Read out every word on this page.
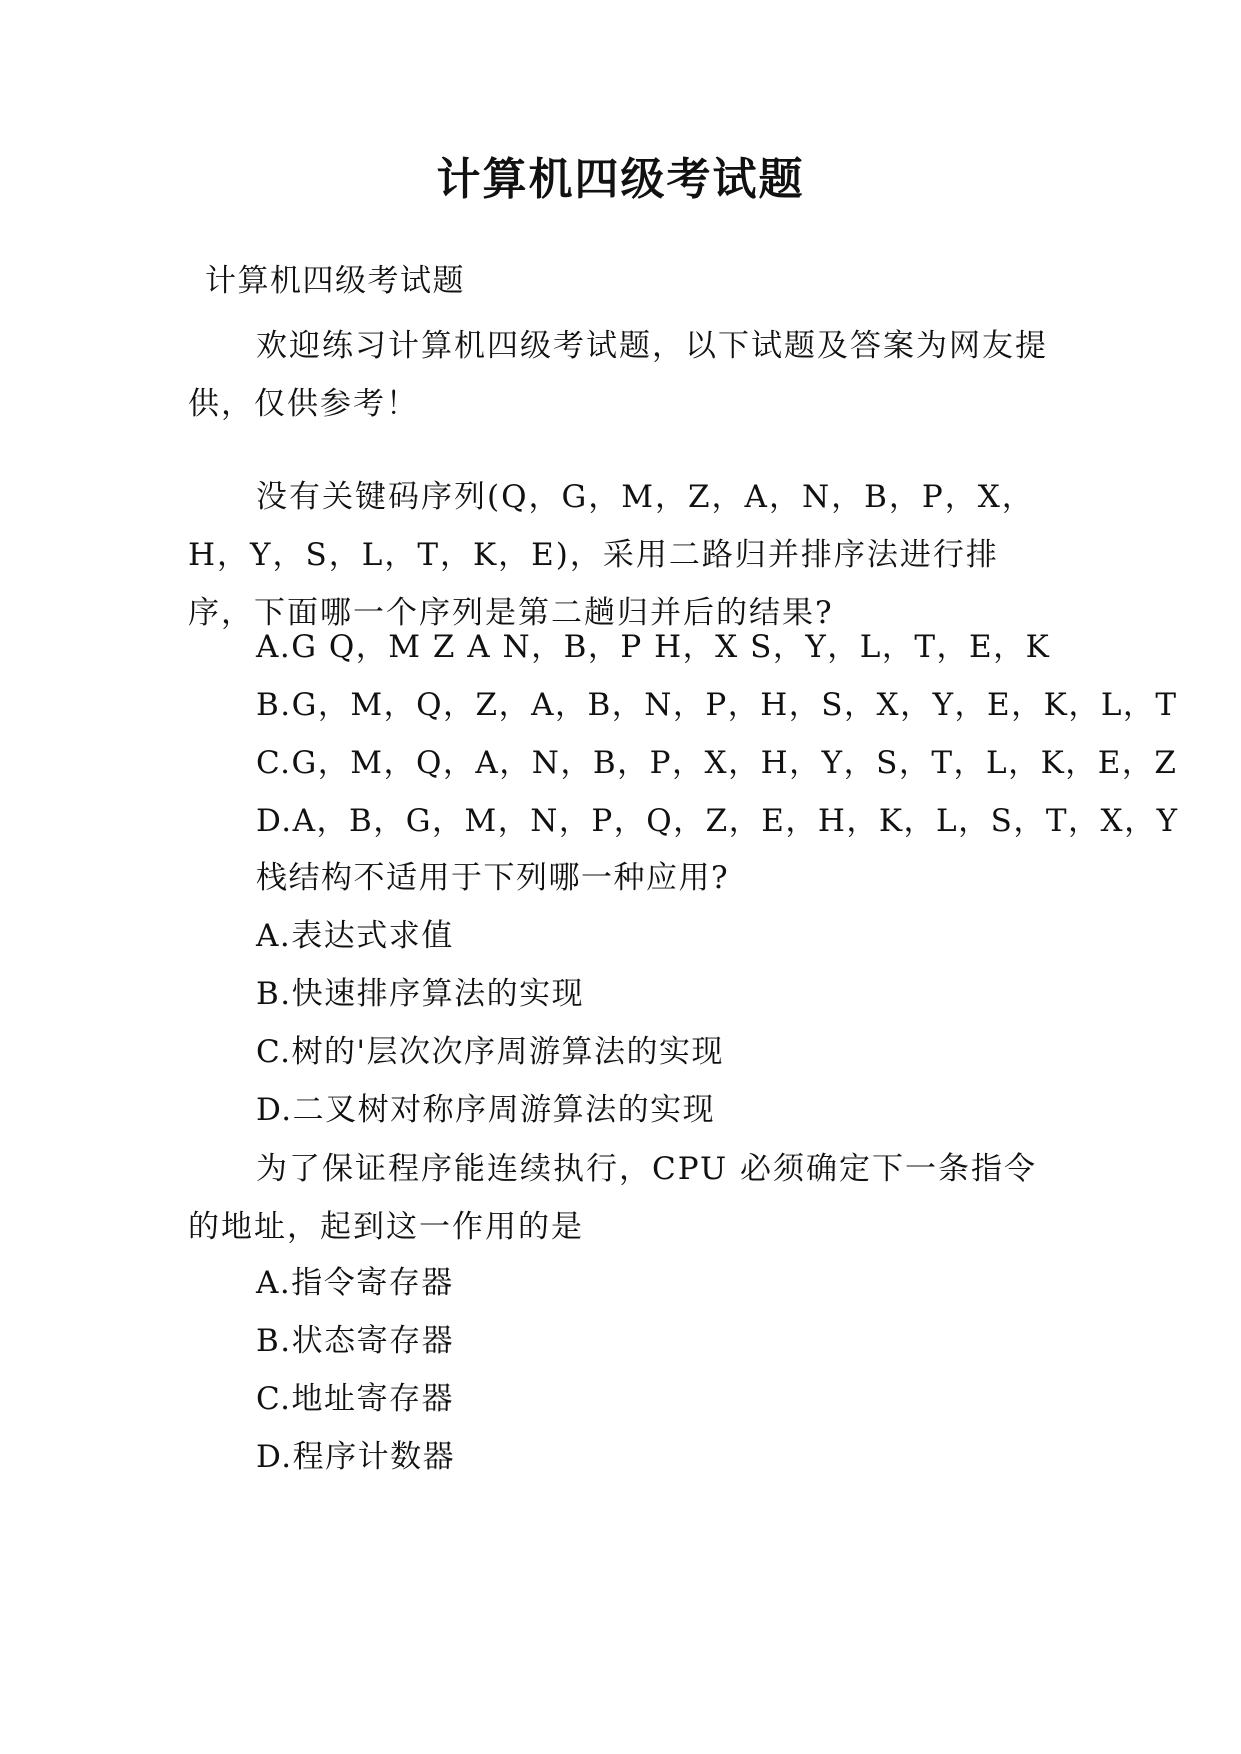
计算机四级考试题
计算机四级考试题
欢迎练习计算机四级考试题，以下试题及答案为网友提供，仅供参考！
没有关键码序列(Q，G，M，Z，A，N，B，P，X，H，Y，S，L，T，K，E)，采用二路归并排序法进行排序，下面哪一个序列是第二趟归并后的结果?
A.G Q，M Z A N，B，P H，X S，Y，L，T，E，K
B.G，M，Q，Z，A，B，N，P，H，S，X，Y，E，K，L，T
C.G，M，Q，A，N，B，P，X，H，Y，S，T，L，K，E，Z
D.A，B，G，M，N，P，Q，Z，E，H，K，L，S，T，X，Y
栈结构不适用于下列哪一种应用?
A.表达式求值
B.快速排序算法的实现
C.树的'层次次序周游算法的实现
D.二叉树对称序周游算法的实现
为了保证程序能连续执行，CPU 必须确定下一条指令的地址，起到这一作用的是
A.指令寄存器
B.状态寄存器
C.地址寄存器
D.程序计数器
